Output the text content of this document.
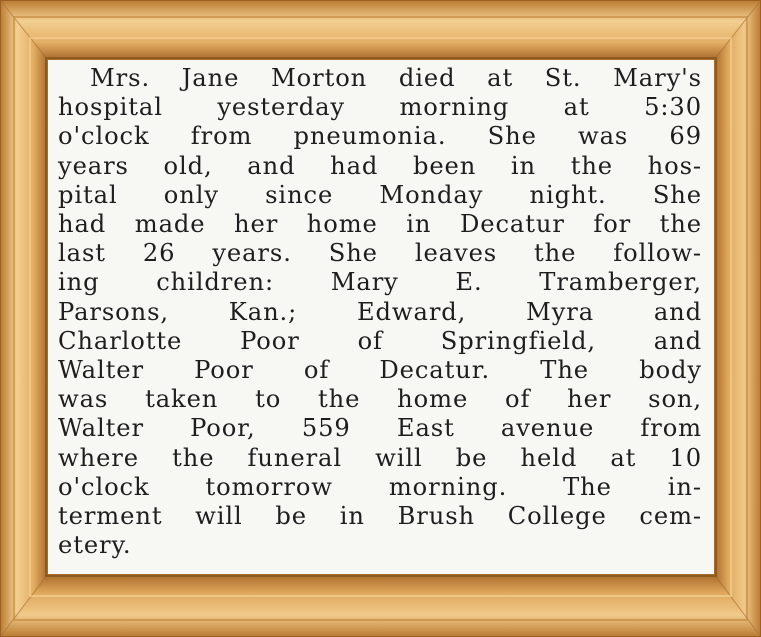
Mrs. Jane Morton died at St. Mary's
hospital yesterday morning at 5:30
o'clock from pneumonia. She was 69
years old, and had been in the hos-
pital only since Monday night. She
had made her home in Decatur for the
last 26 years. She leaves the follow-
ing children: Mary E. Tramberger,
Parsons, Kan.; Edward, Myra and
Charlotte Poor of Springfield, and
Walter Poor of Decatur. The body
was taken to the home of her son,
Walter Poor, 559 East avenue from
where the funeral will be held at 10
o'clock tomorrow morning. The in-
terment will be in Brush College cem-
etery.
